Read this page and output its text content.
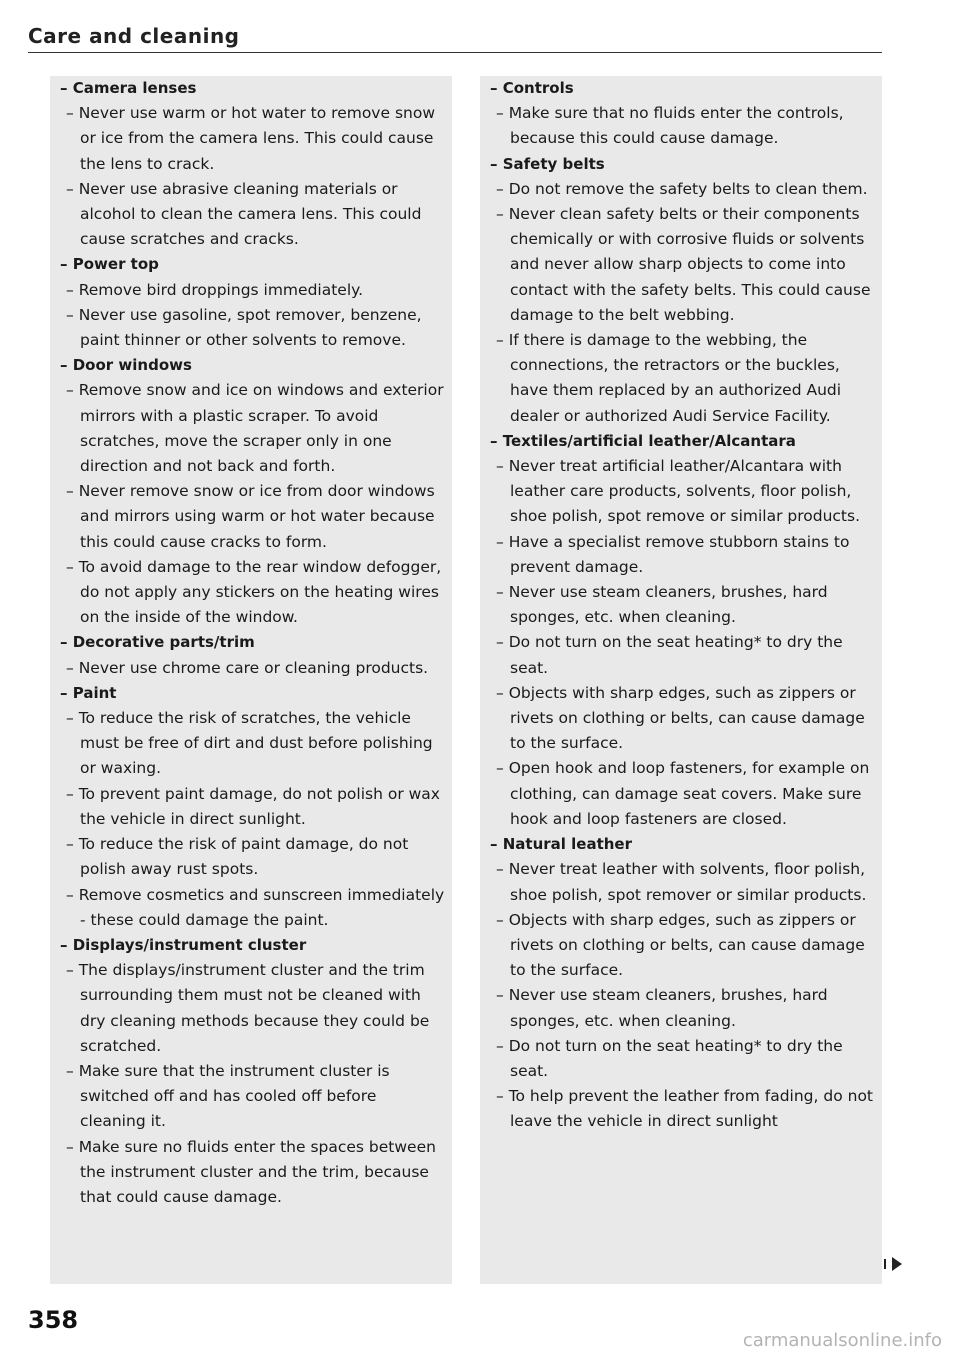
Care and cleaning
– Camera lenses
– Never use warm or hot water to remove snow or ice from the camera lens. This could cause the lens to crack.
– Never use abrasive cleaning materials or alcohol to clean the camera lens. This could cause scratches and cracks.
– Power top
– Remove bird droppings immediately.
– Never use gasoline, spot remover, benzene, paint thinner or other solvents to remove.
– Door windows
– Remove snow and ice on windows and exterior mirrors with a plastic scraper. To avoid scratches, move the scraper only in one direction and not back and forth.
– Never remove snow or ice from door windows and mirrors using warm or hot water because this could cause cracks to form.
– To avoid damage to the rear window defogger, do not apply any stickers on the heating wires on the inside of the window.
– Decorative parts/trim
– Never use chrome care or cleaning products.
– Paint
– To reduce the risk of scratches, the vehicle must be free of dirt and dust before polishing or waxing.
– To prevent paint damage, do not polish or wax the vehicle in direct sunlight.
– To reduce the risk of paint damage, do not polish away rust spots.
– Remove cosmetics and sunscreen immediately - these could damage the paint.
– Displays/instrument cluster
– The displays/instrument cluster and the trim surrounding them must not be cleaned with dry cleaning methods because they could be scratched.
– Make sure that the instrument cluster is switched off and has cooled off before cleaning it.
– Make sure no fluids enter the spaces between the instrument cluster and the trim, because that could cause damage.
– Controls
– Make sure that no fluids enter the controls, because this could cause damage.
– Safety belts
– Do not remove the safety belts to clean them.
– Never clean safety belts or their components chemically or with corrosive fluids or solvents and never allow sharp objects to come into contact with the safety belts. This could cause damage to the belt webbing.
– If there is damage to the webbing, the connections, the retractors or the buckles, have them replaced by an authorized Audi dealer or authorized Audi Service Facility.
– Textiles/artificial leather/Alcantara
– Never treat artificial leather/Alcantara with leather care products, solvents, floor polish, shoe polish, spot remove or similar products.
– Have a specialist remove stubborn stains to prevent damage.
– Never use steam cleaners, brushes, hard sponges, etc. when cleaning.
– Do not turn on the seat heating* to dry the seat.
– Objects with sharp edges, such as zippers or rivets on clothing or belts, can cause damage to the surface.
– Open hook and loop fasteners, for example on clothing, can damage seat covers. Make sure hook and loop fasteners are closed.
– Natural leather
– Never treat leather with solvents, floor polish, shoe polish, spot remover or similar products.
– Objects with sharp edges, such as zippers or rivets on clothing or belts, can cause damage to the surface.
– Never use steam cleaners, brushes, hard sponges, etc. when cleaning.
– Do not turn on the seat heating* to dry the seat.
– To help prevent the leather from fading, do not leave the vehicle in direct sunlight
358
carmanualsonline.info
